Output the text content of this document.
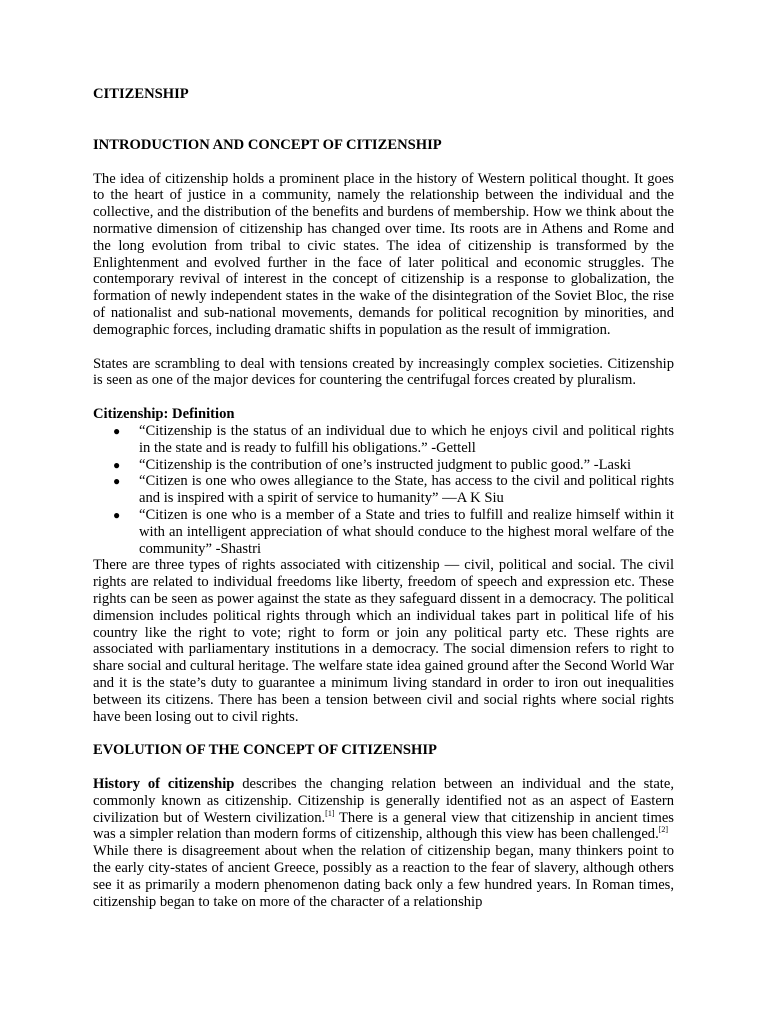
CITIZENSHIP
INTRODUCTION AND CONCEPT OF CITIZENSHIP

The idea of citizenship holds a prominent place in the history of Western political thought. It goes to the heart of justice in a community, namely the relationship between the individual and the collective, and the distribution of the benefits and burdens of membership. How we think about the normative dimension of citizenship has changed over time. Its roots are in Athens and Rome and the long evolution from tribal to civic states. The idea of citizenship is transformed by the Enlightenment and evolved further in the face of later political and economic struggles. The contemporary revival of interest in the concept of citizenship is a response to globalization, the formation of newly independent states in the wake of the disintegration of the Soviet Bloc, the rise of nationalist and sub-national movements, demands for political recognition by minorities, and demographic forces, including dramatic shifts in population as the result of immigration.

States are scrambling to deal with tensions created by increasingly complex societies. Citizenship is seen as one of the major devices for countering the centrifugal forces created by pluralism.

Citizenship: Definition
● “Citizenship is the status of an individual due to which he enjoys civil and political rights in the state and is ready to fulfill his obligations.” -Gettell
● “Citizenship is the contribution of one’s instructed judgment to public good.” -Laski
● “Citizen is one who owes allegiance to the State, has access to the civil and political rights and is inspired with a spirit of service to humanity” —A K Siu
● “Citizen is one who is a member of a State and tries to fulfill and realize himself within it with an intelligent appreciation of what should conduce to the highest moral welfare of the community” -Shastri

There are three types of rights associated with citizenship — civil, political and social. The civil rights are related to individual freedoms like liberty, freedom of speech and expression etc. These rights can be seen as power against the state as they safeguard dissent in a democracy. The political dimension includes political rights through which an individual takes part in political life of his country like the right to vote; right to form or join any political party etc. These rights are associated with parliamentary institutions in a democracy. The social dimension refers to right to share social and cultural heritage. The welfare state idea gained ground after the Second World War and it is the state’s duty to guarantee a minimum living standard in order to iron out inequalities between its citizens. There has been a tension between civil and social rights where social rights have been losing out to civil rights.

EVOLUTION OF THE CONCEPT OF CITIZENSHIP

History of citizenship describes the changing relation between an individual and the state, commonly known as citizenship. Citizenship is generally identified not as an aspect of Eastern civilization but of Western civilization.[1] There is a general view that citizenship in ancient times was a simpler relation than modern forms of citizenship, although this view has been challenged.[2]

While there is disagreement about when the relation of citizenship began, many thinkers point to the early city-states of ancient Greece, possibly as a reaction to the fear of slavery, although others see it as primarily a modern phenomenon dating back only a few hundred years. In Roman times, citizenship began to take on more of the character of a relationship
